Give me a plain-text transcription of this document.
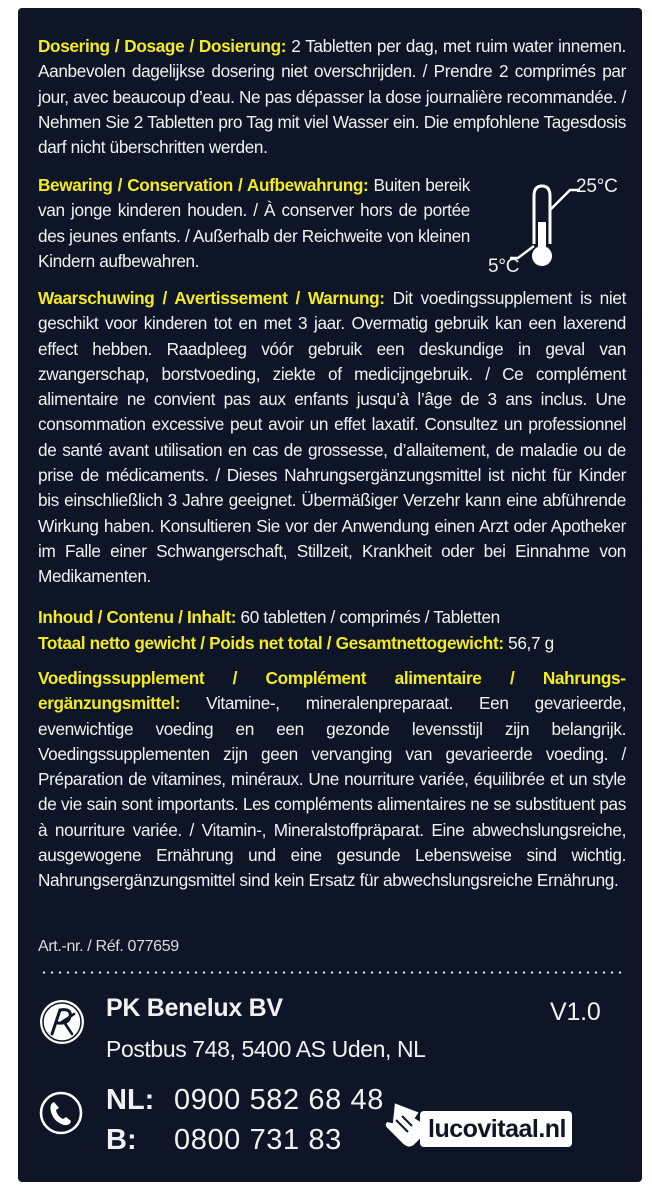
Dosering / Dosage / Dosierung: 2 Tabletten per dag, met ruim water innemen. Aanbevolen dagelijkse dosering niet overschrijden. / Prendre 2 comprimés par jour, avec beaucoup d’eau. Ne pas dépasser la dose journalière recommandée. / Nehmen Sie 2 Tabletten pro Tag mit viel Wasser ein. Die empfohlene Tagesdosis darf nicht überschritten werden.

Bewaring / Conservation / Aufbewahrung: Buiten bereik van jonge kinderen houden. / À conserver hors de portée des jeunes enfants. / Außerhalb der Reichweite von kleinen Kindern aufbewahren.

25°C
5°C

Waarschuwing / Avertissement / Warnung: Dit voedingssupplement is niet geschikt voor kinderen tot en met 3 jaar. Overmatig gebruik kan een laxerend effect hebben. Raadpleeg vóór gebruik een deskundige in geval van zwangerschap, borstvoeding, ziekte of medicijngebruik. / Ce complément alimentaire ne convient pas aux enfants jusqu’à l’âge de 3 ans inclus. Une consommation excessive peut avoir un effet laxatif. Consultez un professionnel de santé avant utilisation en cas de grossesse, d’allaitement, de maladie ou de prise de médicaments. / Dieses Nahrungsergänzungsmittel ist nicht für Kinder bis einschließlich 3 Jahre geeignet. Übermäßiger Verzehr kann eine abführende Wirkung haben. Konsultieren Sie vor der Anwendung einen Arzt oder Apotheker im Falle einer Schwangerschaft, Stillzeit, Krankheit oder bei Einnahme von Medikamenten.

Inhoud / Contenu / Inhalt: 60 tabletten / comprimés / Tabletten

Totaal netto gewicht / Poids net total / Gesamtnettogewicht: 56,7 g

Voedingssupplement / Complément alimentaire / Nahrungsergänzungsmittel: Vitamine-, mineralenpreparaat. Een gevarieerde, evenwichtige voeding en een gezonde levensstijl zijn belangrijk. Voedingssupplementen zijn geen vervanging van gevarieerde voeding. / Préparation de vitamines, minéraux. Une nourriture variée, équilibrée et un style de vie sain sont importants. Les compléments alimentaires ne se substituent pas à nourriture variée. / Vitamin-, Mineralstoffpräparat. Eine abwechslungsreiche, ausgewogene Ernährung und eine gesunde Lebensweise sind wichtig. Nahrungsergänzungsmittel sind kein Ersatz für abwechslungsreiche Ernährung.

Art.-nr. / Réf. 077659

PK Benelux BV
Postbus 748, 5400 AS Uden, NL
V1.0
NL: 0900 582 68 48
B: 0800 731 83	lucovitaal.nl
